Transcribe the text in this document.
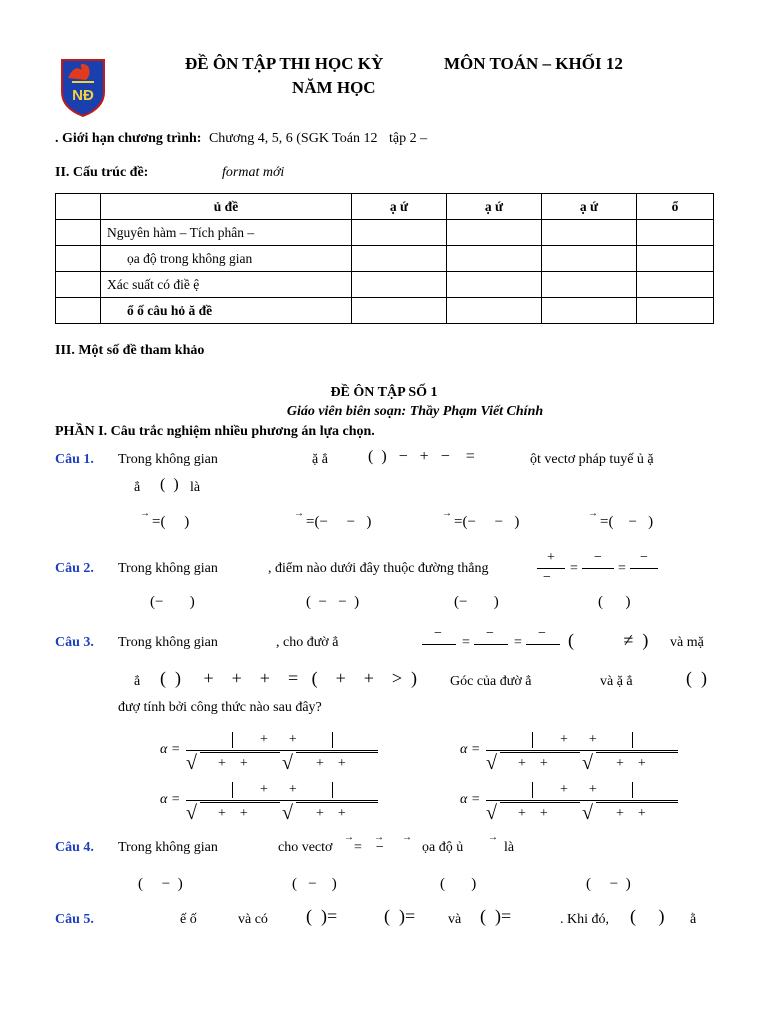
NĐ
ĐỀ ÔN TẬP THI HỌC KỲ	MÔN TOÁN – KHỐI 12
NĂM HỌC
. Giới hạn chương trình: Chương 4, 5, 6 (SGK Toán 12 tập 2 –
II. Cấu trúc đề:	format mới
	ủ đề	ạ ứ	ạ ứ	ạ ứ	ổ
	Nguyên hàm – Tích phân –				
	ọa độ trong không gian				
	Xác suất có điề ệ				
	ổ ố câu hỏ ă đề				
III. Một số đề tham khảo
ĐỀ ÔN TẬP SỐ 1
Giáo viên biên soạn: Thầy Phạm Viết Chính
PHẦN I. Câu trắc nghiệm nhiều phương án lựa chọn.
Câu 1. Trong không gian	ặ ẳ	(  )   −   +   −    =	ột vectơ pháp tuyế ủ ặ
ẳ (  ) là
→
=(     )
→
=(−     −   )
→
=(−     −   )
→
=(    −   )
Câu 2. Trong không gian	, điểm nào dưới đây thuộc đường thẳng
+
−
=
−
=
−
(−       )	(  −   −  )	(−       )	(      )
Câu 3. Trong không gian	, cho đườ ẳ
−
=
−
=
− (           ≠  ) và mặ
ẳ (  )     +    +    +    =   (    +    +    >  ) Góc của đườ ẳ	và ặ ẳ	(  )
đượ tính bởi công thức nào sau đây?
α =
+      +
√ +    + √ +    +
α =
+      +
√ +    + √ +    +
α =
+      +
√ +    + √ +    +
α =
+      +
√ +    + √ +    +
Câu 4. Trong không gian	cho vectơ
→ → →
=    −	ọa độ ủ
→
là
(     −  )	(   −    )	(       )	(     −  )
Câu 5.	ế ố	và có (  )=	(  )= và (  )=	. Khi đó, (     ) ằ
